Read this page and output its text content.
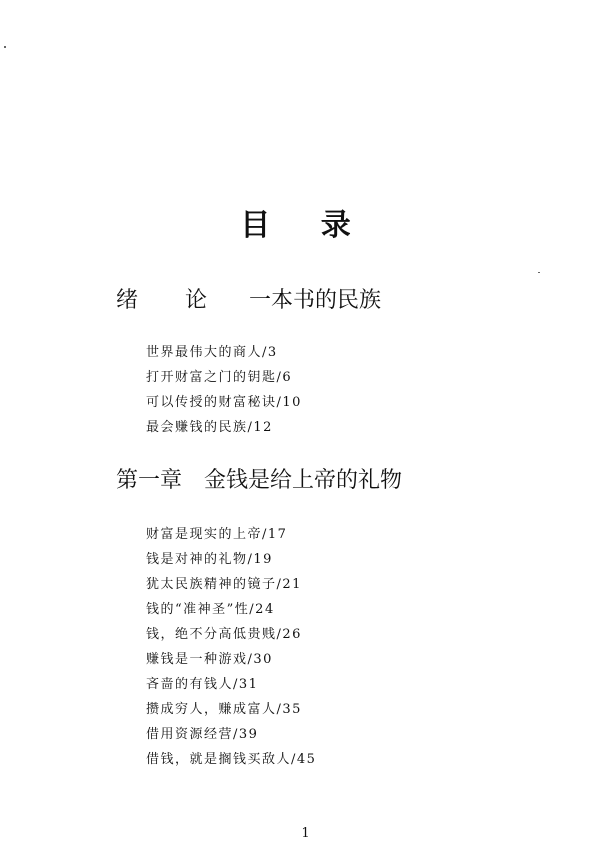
目 录
绪 论 一本书的民族
世界最伟大的商人/3
打开财富之门的钥匙/6
可以传授的财富秘诀/10
最会赚钱的民族/12
第一章 金钱是给上帝的礼物
财富是现实的上帝/17
钱是对神的礼物/19
犹太民族精神的镜子/21
钱的“准神圣”性/24
钱，绝不分高低贵贱/26
赚钱是一种游戏/30
吝啬的有钱人/31
攒成穷人，赚成富人/35
借用资源经营/39
借钱，就是搁钱买敌人/45
1
